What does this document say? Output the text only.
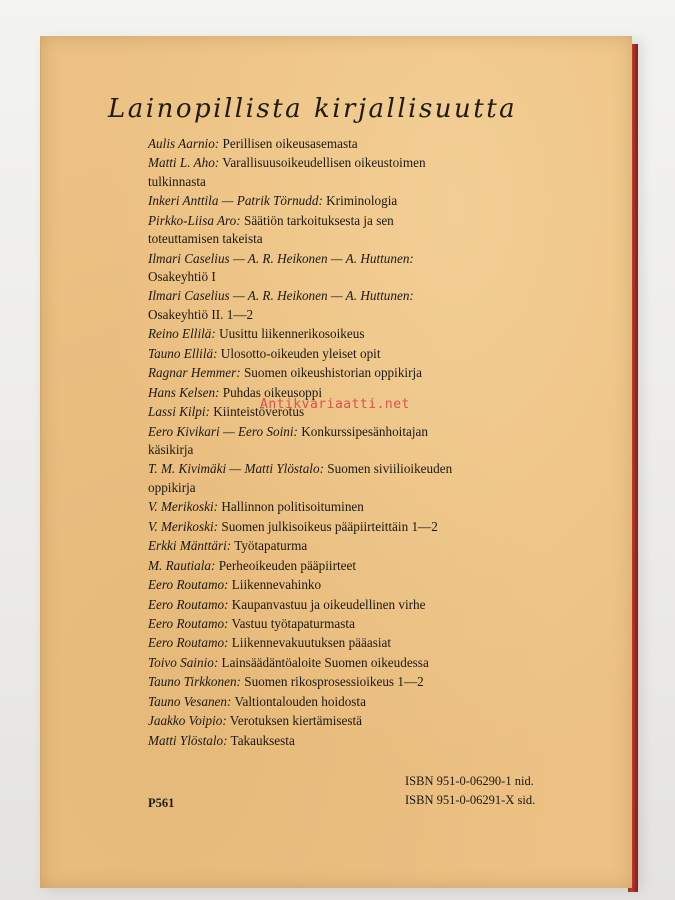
Lainopillista kirjallisuutta
Aulis Aarnio: Perillisen oikeusasemasta
Matti L. Aho: Varallisuusoikeudellisen oikeustoimen
tulkinnasta
Inkeri Anttila — Patrik Törnudd: Kriminologia
Pirkko-Liisa Aro: Säätiön tarkoituksesta ja sen
toteuttamisen takeista
Ilmari Caselius — A. R. Heikonen — A. Huttunen:
Osakeyhtiö I
Ilmari Caselius — A. R. Heikonen — A. Huttunen:
Osakeyhtiö II. 1—2
Reino Ellilä: Uusittu liikennerikosoikeus
Tauno Ellilä: Ulosotto-oikeuden yleiset opit
Ragnar Hemmer: Suomen oikeushistorian oppikirja
Hans Kelsen: Puhdas oikeusoppi
Lassi Kilpi: Kiinteistöverotus
Eero Kivikari — Eero Soini: Konkurssipesänhoitajan
käsikirja
T. M. Kivimäki — Matti Ylöstalo: Suomen siviilioikeuden
oppikirja
V. Merikoski: Hallinnon politisoituminen
V. Merikoski: Suomen julkisoikeus pääpiirteittäin 1—2
Erkki Mänttäri: Työtapaturma
M. Rautiala: Perheoikeuden pääpiirteet
Eero Routamo: Liikennevahinko
Eero Routamo: Kaupanvastuu ja oikeudellinen virhe
Eero Routamo: Vastuu työtapaturmasta
Eero Routamo: Liikennevakuutuksen pääasiat
Toivo Sainio: Lainsäädäntöaloite Suomen oikeudessa
Tauno Tirkkonen: Suomen rikosprosessioikeus 1—2
Tauno Vesanen: Valtiontalouden hoidosta
Jaakko Voipio: Verotuksen kiertämisestä
Matti Ylöstalo: Takauksesta
P561
ISBN 951-0-06290-1 nid.
ISBN 951-0-06291-X sid.
Antikvariaatti.net
